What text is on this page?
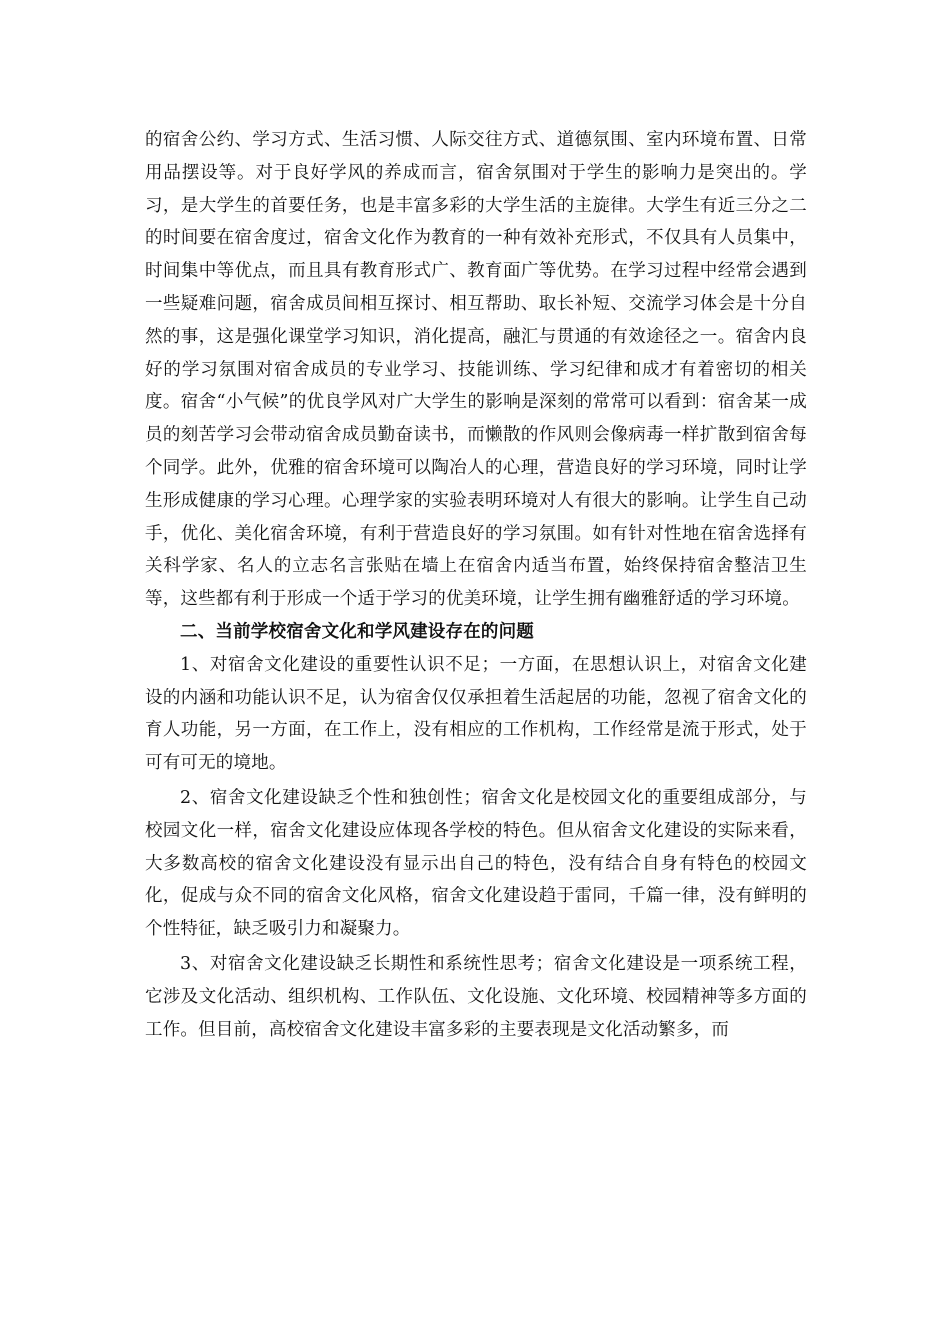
的宿舍公约、学习方式、生活习惯、人际交往方式、道德氛围、室内环境布置、日常用品摆设等。对于良好学风的养成而言，宿舍氛围对于学生的影响力是突出的。学习，是大学生的首要任务，也是丰富多彩的大学生活的主旋律。大学生有近三分之二的时间要在宿舍度过，宿舍文化作为教育的一种有效补充形式，不仅具有人员集中，时间集中等优点，而且具有教育形式广、教育面广等优势。在学习过程中经常会遇到一些疑难问题，宿舍成员间相互探讨、相互帮助、取长补短、交流学习体会是十分自然的事，这是强化课堂学习知识，消化提高，融汇与贯通的有效途径之一。宿舍内良好的学习氛围对宿舍成员的专业学习、技能训练、学习纪律和成才有着密切的相关度。宿舍“小气候”的优良学风对广大学生的影响是深刻的常常可以看到：宿舍某一成员的刻苦学习会带动宿舍成员勤奋读书，而懒散的作风则会像病毒一样扩散到宿舍每个同学。此外，优雅的宿舍环境可以陶冶人的心理，营造良好的学习环境，同时让学生形成健康的学习心理。心理学家的实验表明环境对人有很大的影响。让学生自己动手，优化、美化宿舍环境，有利于营造良好的学习氛围。如有针对性地在宿舍选择有关科学家、名人的立志名言张贴在墙上在宿舍内适当布置，始终保持宿舍整洁卫生等，这些都有利于形成一个适于学习的优美环境，让学生拥有幽雅舒适的学习环境。

二、当前学校宿舍文化和学风建设存在的问题

1、对宿舍文化建设的重要性认识不足；一方面，在思想认识上，对宿舍文化建设的内涵和功能认识不足，认为宿舍仅仅承担着生活起居的功能，忽视了宿舍文化的育人功能，另一方面，在工作上，没有相应的工作机构，工作经常是流于形式，处于可有可无的境地。

2、宿舍文化建设缺乏个性和独创性；宿舍文化是校园文化的重要组成部分，与校园文化一样，宿舍文化建设应体现各学校的特色。但从宿舍文化建设的实际来看，大多数高校的宿舍文化建设没有显示出自己的特色，没有结合自身有特色的校园文化，促成与众不同的宿舍文化风格，宿舍文化建设趋于雷同，千篇一律，没有鲜明的个性特征，缺乏吸引力和凝聚力。

3、对宿舍文化建设缺乏长期性和系统性思考；宿舍文化建设是一项系统工程，它涉及文化活动、组织机构、工作队伍、文化设施、文化环境、校园精神等多方面的工作。但目前，高校宿舍文化建设丰富多彩的主要表现是文化活动繁多，而
